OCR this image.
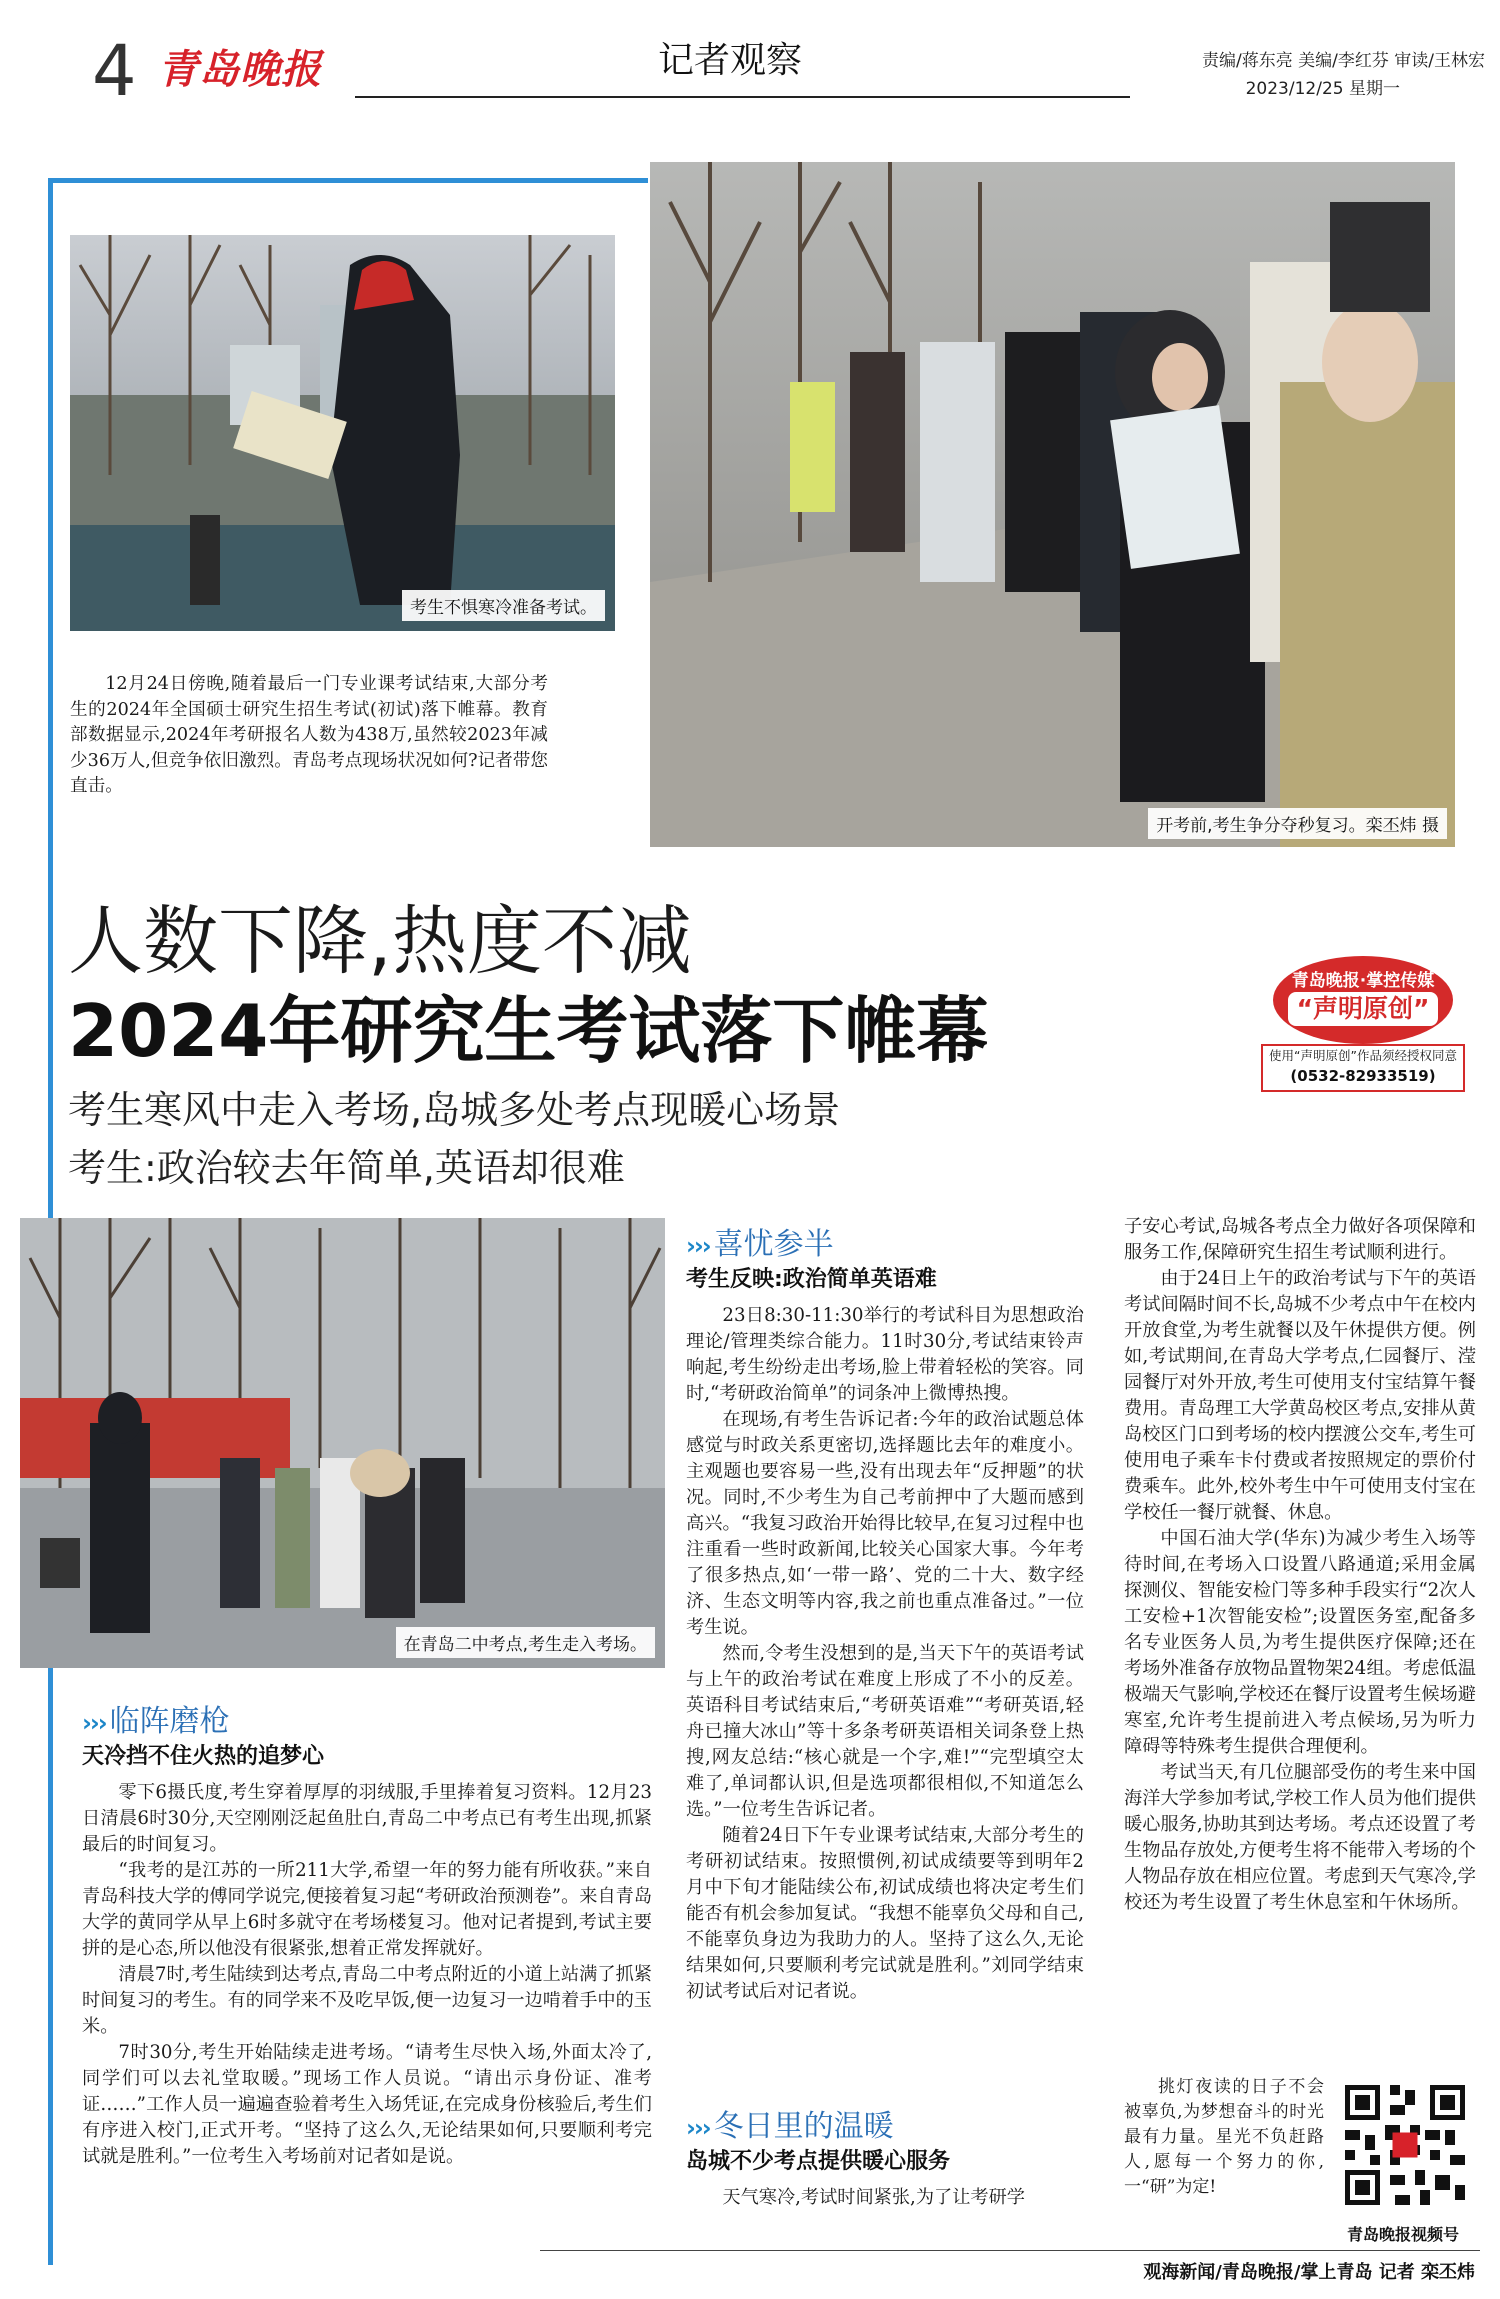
4 青岛晚报	记者观察	责编/蒋东亮 美编/李红芬 审读/王林宏
2023/12/25 星期一
考生不惧寒冷准备考试。
开考前,考生争分夺秒复习。栾丕炜 摄

12月24日傍晚,随着最后一门专业课考试结束,大部分考生的2024年全国硕士研究生招生考试(初试)落下帷幕。教育部数据显示,2024年考研报名人数为438万,虽然较2023年减少36万人,但竞争依旧激烈。青岛考点现场状况如何?记者带您直击。

人数下降,热度不减
2024年研究生考试落下帷幕
考生寒风中走入考场,岛城多处考点现暖心场景
考生:政治较去年简单,英语却很难
青岛晚报·掌控传媒
“声明原创”
使用“声明原创”作品须经授权同意
(0532-82933519)
在青岛二中考点,考生走入考场。
››› 临阵磨枪
天冷挡不住火热的追梦心

零下6摄氏度,考生穿着厚厚的羽绒服,手里捧着复习资料。12月23日清晨6时30分,天空刚刚泛起鱼肚白,青岛二中考点已有考生出现,抓紧最后的时间复习。

“我考的是江苏的一所211大学,希望一年的努力能有所收获。”来自青岛科技大学的傅同学说完,便接着复习起“考研政治预测卷”。来自青岛大学的黄同学从早上6时多就守在考场楼复习。他对记者提到,考试主要拼的是心态,所以他没有很紧张,想着正常发挥就好。

清晨7时,考生陆续到达考点,青岛二中考点附近的小道上站满了抓紧时间复习的考生。有的同学来不及吃早饭,便一边复习一边啃着手中的玉米。

7时30分,考生开始陆续走进考场。“请考生尽快入场,外面太冷了,同学们可以去礼堂取暖。”现场工作人员说。“请出示身份证、准考证……”工作人员一遍遍查验着考生入场凭证,在完成身份核验后,考生们有序进入校门,正式开考。“坚持了这么久,无论结果如何,只要顺利考完试就是胜利。”一位考生入考场前对记者如是说。

››› 喜忧参半
考生反映:政治简单英语难

23日8:30-11:30举行的考试科目为思想政治理论/管理类综合能力。11时30分,考试结束铃声响起,考生纷纷走出考场,脸上带着轻松的笑容。同时,“考研政治简单”的词条冲上微博热搜。

在现场,有考生告诉记者:今年的政治试题总体感觉与时政关系更密切,选择题比去年的难度小。主观题也要容易一些,没有出现去年“反押题”的状况。同时,不少考生为自己考前押中了大题而感到高兴。“我复习政治开始得比较早,在复习过程中也注重看一些时政新闻,比较关心国家大事。今年考了很多热点,如‘一带一路’、党的二十大、数字经济、生态文明等内容,我之前也重点准备过。”一位考生说。

然而,令考生没想到的是,当天下午的英语考试与上午的政治考试在难度上形成了不小的反差。英语科目考试结束后,“考研英语难”“考研英语,轻舟已撞大冰山”等十多条考研英语相关词条登上热搜,网友总结:“核心就是一个字,难!”“完型填空太难了,单词都认识,但是选项都很相似,不知道怎么选。”一位考生告诉记者。

随着24日下午专业课考试结束,大部分考生的考研初试结束。按照惯例,初试成绩要等到明年2月中下旬才能陆续公布,初试成绩也将决定考生们能否有机会参加复试。“我想不能辜负父母和自己,不能辜负身边为我助力的人。坚持了这么久,无论结果如何,只要顺利考完试就是胜利。”刘同学结束初试考试后对记者说。

››› 冬日里的温暖
岛城不少考点提供暖心服务

天气寒冷,考试时间紧张,为了让考研学

子安心考试,岛城各考点全力做好各项保障和服务工作,保障研究生招生考试顺利进行。

由于24日上午的政治考试与下午的英语考试间隔时间不长,岛城不少考点中午在校内开放食堂,为考生就餐以及午休提供方便。例如,考试期间,在青岛大学考点,仁园餐厅、滢园餐厅对外开放,考生可使用支付宝结算午餐费用。青岛理工大学黄岛校区考点,安排从黄岛校区门口到考场的校内摆渡公交车,考生可使用电子乘车卡付费或者按照规定的票价付费乘车。此外,校外考生中午可使用支付宝在学校任一餐厅就餐、休息。

中国石油大学(华东)为减少考生入场等待时间,在考场入口设置八路通道;采用金属探测仪、智能安检门等多种手段实行“2次人工安检+1次智能安检”;设置医务室,配备多名专业医务人员,为考生提供医疗保障;还在考场外准备存放物品置物架24组。考虑低温极端天气影响,学校还在餐厅设置考生候场避寒室,允许考生提前进入考点候场,另为听力障碍等特殊考生提供合理便利。

考试当天,有几位腿部受伤的考生来中国海洋大学参加考试,学校工作人员为他们提供暖心服务,协助其到达考场。考点还设置了考生物品存放处,方便考生将不能带入考场的个人物品存放在相应位置。考虑到天气寒冷,学校还为考生设置了考生休息室和午休场所。

挑灯夜读的日子不会被辜负,为梦想奋斗的时光最有力量。星光不负赶路人,愿每一个努力的你,一“研”为定!

青岛晚报视频号
观海新闻/青岛晚报/掌上青岛 记者 栾丕炜
